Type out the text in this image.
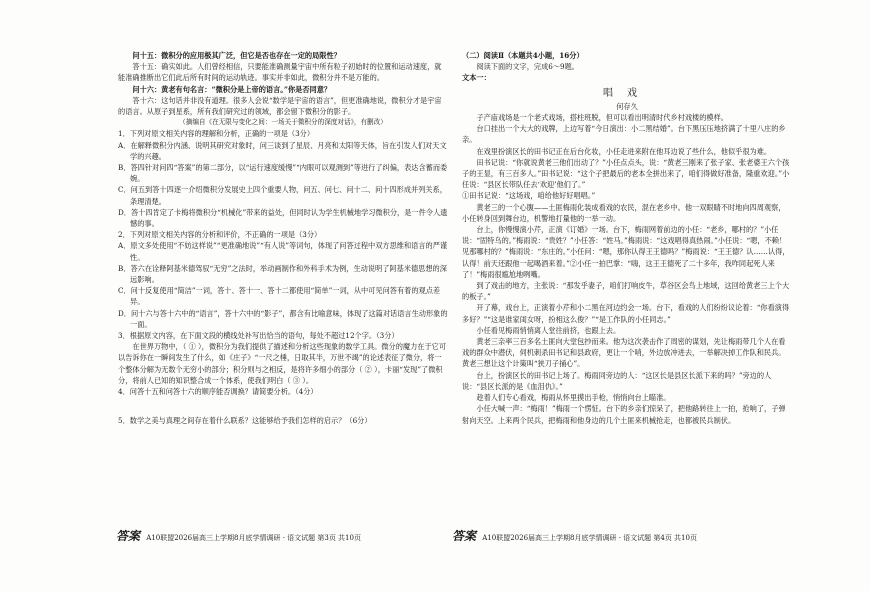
问十五：微积分的应用极其广泛，但它是否也存在一定的局限性？

答十五：确实如此。人们曾经相信，只要能准确测量宇宙中所有粒子初始时的位置和运动速度，就能准确推断出它们此后所有时间的运动轨迹。事实并非如此，微积分并不是万能的。

问十六：黄老有句名言：“微积分是上帝的语言。”你是否同意？

答十六：这句话并非没有道理。很多人会说“数学是宇宙的语言”，但更准确地说，微积分才是宇宙的语言。从原子到星系，所有我们研究过的领域，都会留下微积分的影子。

（摘编自《在无限与变化之间：一场关于微积分的深度对话》，有删改）

1．下列对原文相关内容的理解和分析，正确的一项是（3分）

A．在解释微积分内涵、说明其研究对象时，问三谈到了星辰、月亮和太阳等天体，旨在引发人们对天文学的兴趣。

B．答四针对问四“答案”的第二部分，以“运行速度缓慢”“内眼可以观测到”等进行了纠偏，表达含蓄而委婉。

C．问五到答十四逐一介绍微积分发展史上四个重要人物，问五、问七、问十二、问十四形成并列关系，条理清楚。

D．答十四肯定了卡梅将微积分“机械化”带来的益处，但同时认为学生机械地学习微积分，是一件令人遗憾的事。

2．下列对原文相关内容的分析和评价，不正确的一项是（3分）

A．原文多处使用“不妨这样说”“更准确地说”“有人说”等词句，体现了问答过程中双方思维和语言的严谨性。

B．答六在诠释阿基米德驾驭“无穷”之法时，举动画制作和外科手术为例，生动说明了阿基米德思想的深远影响。

C．问十反复使用“简洁”一词，答十、答十一、答十二都使用“简单”一词，从中可见问答有着的观点差异。

D．问十六与答十六中的“语言”，答十六中的“影子”，都含有比喻意味，体现了这篇对话语言生动形象的一面。

3．根据原文内容，在下面文段的横线处补写出恰当的语句，每处不超过12个字。（3分）

在世界万物中，（ ① ），微积分为我们提供了描述和分析这些现象的数学工具。微分的魔力在于它可以告诉你在一瞬间发生了什么，如《庄子》“一尺之棰，日取其半，万世不竭”的论述表征了微分，将一个整体分解为无数个无穷小的部分；积分则与之相反，是将许多细小的部分（ ② ），卡丽“发现”了微积分，将前人已知的知识整合成一个体系，使我们明白（ ③ ）。

4．问答十五和问答十六的顺序能否调换？请简要分析。（4分）

5．数学之美与真理之间存在着什么联系？这能够给予我们怎样的启示？（6分）

（二）阅读Ⅱ（本题共4小题，16分）

阅读下面的文字，完成6～9题。

文本一：

唱戏

何存久

子产庙戏场是一个老式戏场，搭柱班脱，但可以看出明清时代乡村戏楼的模样。

台口挂出一个大大的戏牌，上边写着“今日演出：小二黑结婚”。台下黑压压地挤满了十里八庄的乡亲。

在戏里扮演区长的田书记正在后台化妆，小任走进来附在他耳边说了些什么，他似乎很为难。

田书记说：“你就说黄老三他们出动了？”小任点点头，说：“黄老三刚来了张子家、张老婆王六个孩子的王显，有三百多人。”田书记说：“这个子把最后的老本全拼出来了，咱们得做好准备，隆重欢迎。”小任说：“县区长带队任去‘欢迎’他们了。”

①田书记说：“这场戏，咱给他好好唱唱。”

黄老三的一个心腹——土匪梅雨化装成看戏的农民，混在老乡中。他一双眼睛不时地向四周观察，小任转身回到舞台边，机警地打量他的一举一动。

台上，你慢慢演小芹，正演《订婚》一场。台下，梅雨网着前边的小任：“老乡，哪村的？”小任说：“固特乌的。”梅雨说：“贵姓？”小任答：“姓马。”梅雨说：“这戏唱得真热闹。”小任说：“嗯，不赖！见那哪村的？”梅雨说：“东庄的。”小任问：“嗯，那你认得王王德吗？”梅雨说：“王王德？认……认得，认得！前天还跟他一起喝酒来着。”②小任一拍巴掌：“嗨，这王王德死了二十多年，我咋同起死人来了！”梅雨很尴尬地咧嘴。

到了戏击的地方，主张说：“那发乎妻子，咱们打响皮牛，草谷区会鸟上地域，这回给黄老三上个大的板子。”

开了幕，戏台上，正演着小芹和小二黑在河边约会一场。台下，看戏的人们纷纷议论着：“你看演得多好？”“这是谁家闺女呀，扮相这么俊？”“是工作队的小任同志。”

小任看见梅雨悄悄离人堂往前挤，也跟上去。

黄老三亲率三百多名土匪向大堂包抄而来。他为这次袭击作了周密的谋划，先让梅雨带几个人在看戏的群众中潜伏，伺机刺杀田书记和县政府，更让一个哨，外边放冲进去，一举解决掉工作队和民兵。黄老三想让这个计策叫“狭刀子捅心”。

台上，扮演区长的田书记上场了。梅雨同旁边的人：“这区长是县区长派下来的吗？”旁边的人说：“县区长派的是《血泪仇》。”

趁着人们专心看戏，梅雨从怀里摸出手枪，悄悄向台上瞄准。

小任大喊一声：“梅雨！”梅雨一个愣怔。台下的乡亲们惊呆了，把他路转往上一拍，抢响了，子弹射向天空。上来两个民兵，把梅雨和他身边的几个土匪来机械抢走，也都被民兵制伏。

答案 A10联盟2026届高三上学期8月底学情调研 · 语文试题 第3页 共10页	答案 A10联盟2026届高三上学期8月底学情调研 · 语文试题 第4页 共10页
